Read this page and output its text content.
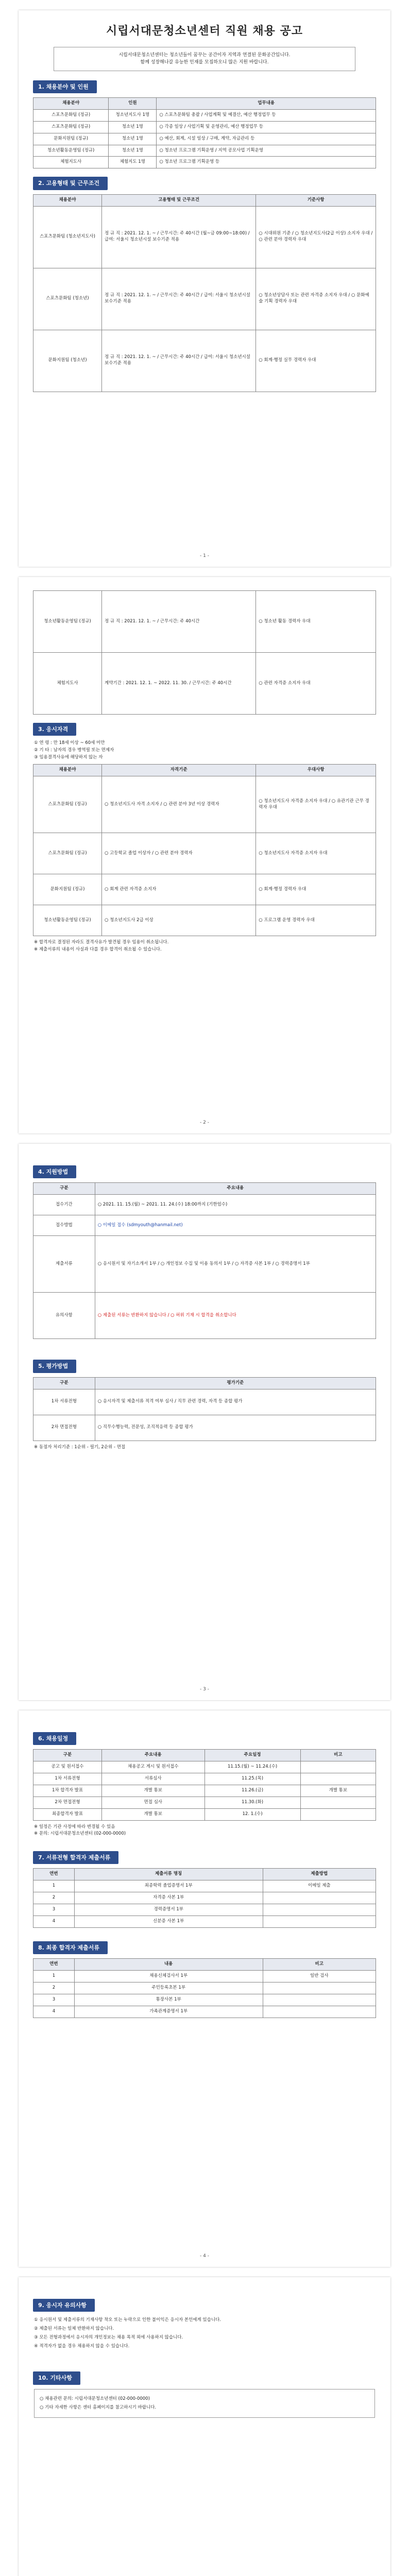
시립서대문청소년센터 직원 채용 공고
시립서대문청소년센터는 청소년들이 꿈꾸는 공간이자 지역과 연결된 문화공간입니다.
함께 성장해나갈 유능한 인재를 모집하오니 많은 지원 바랍니다.
1. 채용분야 및 인원
채용분야	인원	업무내용
스포츠문화팀 (정규)	청소년지도사 1명	○ 스포츠문화팀 총괄 / 사업계획 및 예결산, 예산 행정업무 등
스포츠문화팀 (정규)	청소년 1명	○ 각종 일상 / 사업기획 및 운영관리, 예산 행정업무 등
문화지원팀 (정규)	청소년 1명	○ 예산, 회계, 시설 일상 / 구매, 계약, 자금관리 등
청소년활동운영팀 (정규)	청소년 1명	○ 청소년 프로그램 기획운영 / 지역 공모사업 기획운영
체험지도사	체험지도 1명	○ 청소년 프로그램 기획운영 등
2. 고용형태 및 근무조건
채용분야	고용형태 및 근무조건	기준사항
스포츠문화팀 (청소년지도사)	정 규 직 : 2021. 12. 1. ~ / 근무시간: 주 40시간 (월~금 09:00~18:00) / 급여: 서울시 청소년시설 보수기준 적용	○ 시대위원 기준 / ○ 청소년지도사(2급 이상) 소지자 우대 / ○ 관련 분야 경력자 우대
스포츠문화팀 (청소년)	정 규 직 : 2021. 12. 1. ~ / 근무시간: 주 40시간 / 급여: 서울시 청소년시설 보수기준 적용	○ 청소년상담사 또는 관련 자격증 소지자 우대 / ○ 문화예술 기획 경력자 우대
문화지원팀 (청소년)	정 규 직 : 2021. 12. 1. ~ / 근무시간: 주 40시간 / 급여: 서울시 청소년시설 보수기준 적용	○ 회계·행정 실무 경력자 우대
- 1 -
청소년활동운영팀 (정규)	정 규 직 : 2021. 12. 1. ~ / 근무시간: 주 40시간	○ 청소년 활동 경력자 우대
체험지도사	계약기간 : 2021. 12. 1. ~ 2022. 11. 30. / 근무시간: 주 40시간	○ 관련 자격증 소지자 우대
3. 응시자격
① 연 령 : 만 18세 이상 ~ 60세 미만
② 기 타 : 남자의 경우 병역필 또는 면제자
③ 임용결격사유에 해당하지 않는 자
채용분야	자격기준	우대사항
스포츠문화팀 (정규)	○ 청소년지도사 자격 소지자 / ○ 관련 분야 3년 이상 경력자	○ 청소년지도사 자격증 소지자 우대 / ○ 유관기관 근무 경력자 우대
스포츠문화팀 (정규)	○ 고등학교 졸업 이상자 / ○ 관련 분야 경력자	○ 청소년지도사 자격증 소지자 우대
문화지원팀 (정규)	○ 회계 관련 자격증 소지자	○ 회계·행정 경력자 우대
청소년활동운영팀 (정규)	○ 청소년지도사 2급 이상	○ 프로그램 운영 경력자 우대
※ 합격자로 결정된 자라도 결격사유가 발견될 경우 임용이 취소됩니다.
※ 제출서류의 내용이 사실과 다를 경우 합격이 취소될 수 있습니다.
- 2 -
4. 지원방법
구분	주요내용
접수기간	○ 2021. 11. 15.(월) ~ 2021. 11. 24.(수) 18:00까지 (기한엄수)
접수방법	○ 이메일 접수 (sdmyouth@hanmail.net)
제출서류	○ 응시원서 및 자기소개서 1부 / ○ 개인정보 수집 및 이용 동의서 1부 / ○ 자격증 사본 1부 / ○ 경력증명서 1부
유의사항	○ 제출된 서류는 반환하지 않습니다 / ○ 허위 기재 시 합격을 취소합니다
5. 평가방법
구분	평가기준
1차 서류전형	○ 응시자격 및 제출서류 적격 여부 심사 / 직무 관련 경력, 자격 등 종합 평가
2차 면접전형	○ 직무수행능력, 전문성, 조직적응력 등 종합 평가
※ 동점자 처리기준 : 1순위 - 필기, 2순위 - 면접
- 3 -
6. 채용일정
구분	주요내용	주요일정	비고
공고 및 원서접수	채용공고 게시 및 원서접수	11.15.(월) ~ 11.24.(수)	
1차 서류전형	서류심사	11.25.(목)	
1차 합격자 발표	개별 통보	11.26.(금)	개별 통보
2차 면접전형	면접 심사	11.30.(화)	
최종합격자 발표	개별 통보	12. 1.(수)	
※ 일정은 기관 사정에 따라 변경될 수 있음
※ 문의: 시립서대문청소년센터 (02-000-0000)
7. 서류전형 합격자 제출서류
연번	제출서류 명칭	제출방법
1	최종학력 졸업증명서 1부	이메일 제출
2	자격증 사본 1부	
3	경력증명서 1부	
4	신분증 사본 1부	
8. 최종 합격자 제출서류
연번	내용	비고
1	채용신체검사서 1부	일반 검사
2	주민등록초본 1부	
3	통장사본 1부	
4	가족관계증명서 1부	
- 4 -
9. 응시자 유의사항
① 응시원서 및 제출서류의 기재사항 착오 또는 누락으로 인한 불이익은 응시자 본인에게 있습니다.
② 제출된 서류는 일체 반환하지 않습니다.
③ 모든 전형과정에서 응시자의 개인정보는 채용 목적 외에 사용하지 않습니다.
④ 적격자가 없을 경우 채용하지 않을 수 있습니다.
10. 기타사항
○ 채용관련 문의: 시립서대문청소년센터 (02-000-0000)
○ 기타 자세한 사항은 센터 홈페이지를 참고하시기 바랍니다.
